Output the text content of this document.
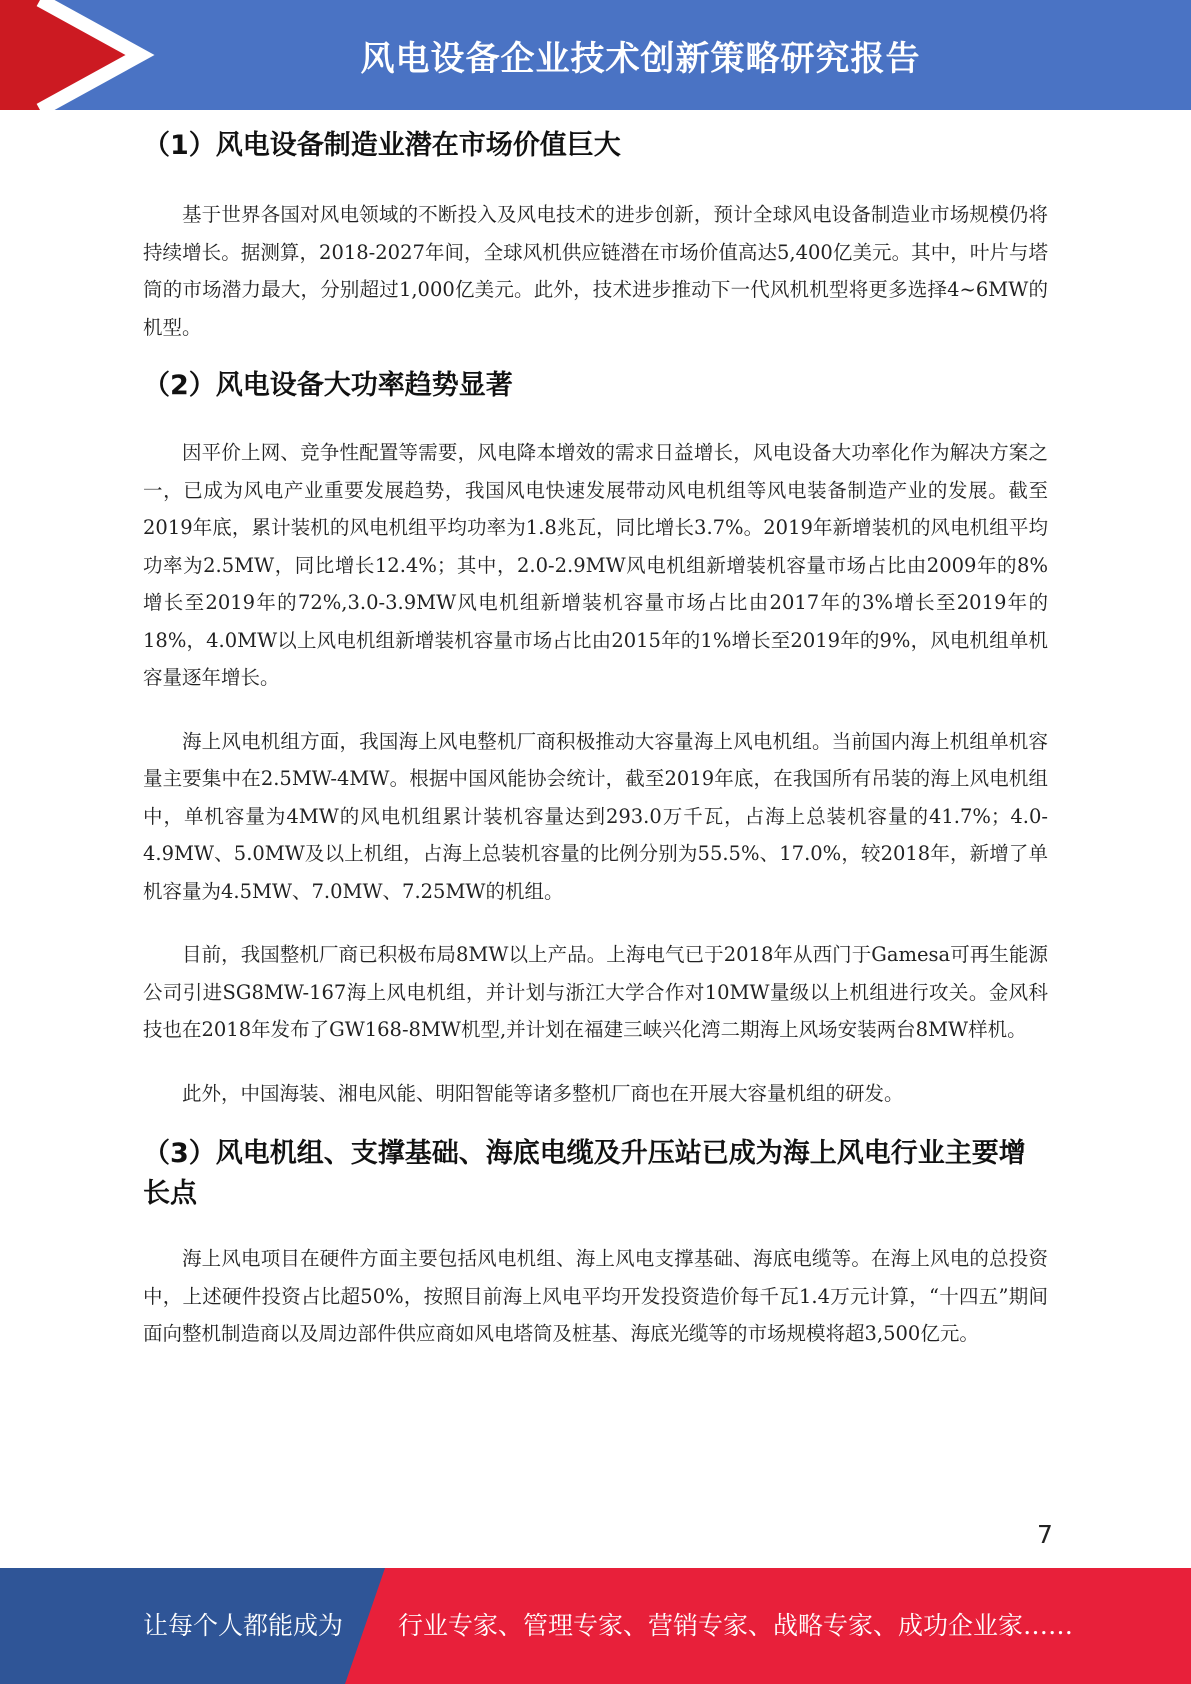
风电设备企业技术创新策略研究报告
（1）风电设备制造业潜在市场价值巨大

基于世界各国对风电领域的不断投入及风电技术的进步创新，预计全球风电设备制造业市场规模仍将持续增长。据测算，2018-2027年间，全球风机供应链潜在市场价值高达5,400亿美元。其中，叶片与塔筒的市场潜力最大，分别超过1,000亿美元。此外，技术进步推动下一代风机机型将更多选择4~6MW的机型。

（2）风电设备大功率趋势显著

因平价上网、竞争性配置等需要，风电降本增效的需求日益增长，风电设备大功率化作为解决方案之一，已成为风电产业重要发展趋势，我国风电快速发展带动风电机组等风电装备制造产业的发展。截至2019年底，累计装机的风电机组平均功率为1.8兆瓦，同比增长3.7%。2019年新增装机的风电机组平均功率为2.5MW，同比增长12.4%；其中，2.0-2.9MW风电机组新增装机容量市场占比由2009年的8%增长至2019年的72%,3.0-3.9MW风电机组新增装机容量市场占比由2017年的3%增长至2019年的18%，4.0MW以上风电机组新增装机容量市场占比由2015年的1%增长至2019年的9%，风电机组单机容量逐年增长。

海上风电机组方面，我国海上风电整机厂商积极推动大容量海上风电机组。当前国内海上机组单机容量主要集中在2.5MW-4MW。根据中国风能协会统计，截至2019年底，在我国所有吊装的海上风电机组中，单机容量为4MW的风电机组累计装机容量达到293.0万千瓦，占海上总装机容量的41.7%；4.0-4.9MW、5.0MW及以上机组，占海上总装机容量的比例分别为55.5%、17.0%，较2018年，新增了单机容量为4.5MW、7.0MW、7.25MW的机组。

目前，我国整机厂商已积极布局8MW以上产品。上海电气已于2018年从西门于Gamesa可再生能源公司引进SG8MW-167海上风电机组，并计划与浙江大学合作对10MW量级以上机组进行攻关。金风科技也在2018年发布了GW168-8MW机型,并计划在福建三峡兴化湾二期海上风场安装两台8MW样机。

此外，中国海装、湘电风能、明阳智能等诸多整机厂商也在开展大容量机组的研发。

（3）风电机组、支撑基础、海底电缆及升压站已成为海上风电行业主要增长点

海上风电项目在硬件方面主要包括风电机组、海上风电支撑基础、海底电缆等。在海上风电的总投资中，上述硬件投资占比超50%，按照目前海上风电平均开发投资造价每千瓦1.4万元计算，“十四五”期间面向整机制造商以及周边部件供应商如风电塔筒及桩基、海底光缆等的市场规模将超3,500亿元。

7
让每个人都能成为 行业专家、管理专家、营销专家、战略专家、成功企业家……
